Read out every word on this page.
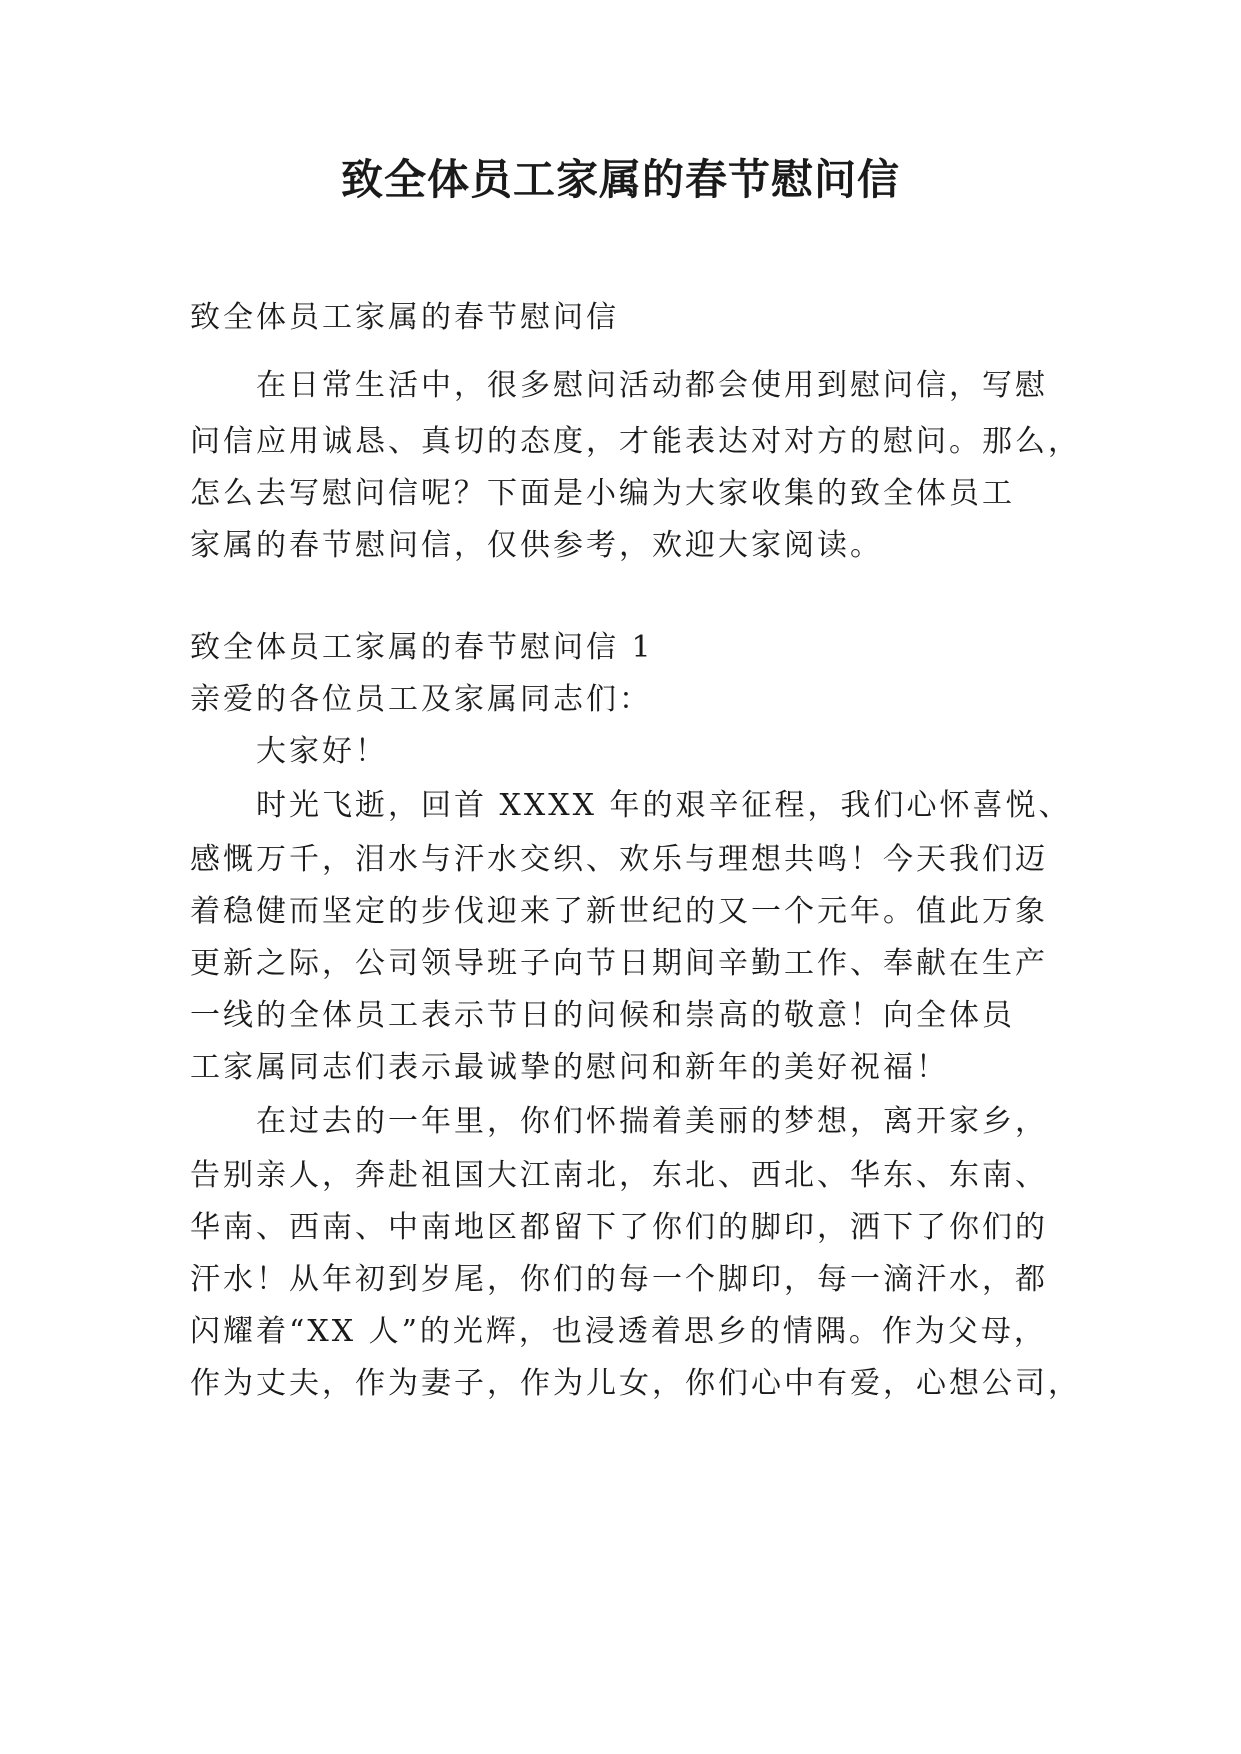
致全体员工家属的春节慰问信
致全体员工家属的春节慰问信
在日常生活中，很多慰问活动都会使用到慰问信，写慰
问信应用诚恳、真切的态度，才能表达对对方的慰问。那么，
怎么去写慰问信呢？下面是小编为大家收集的致全体员工
家属的春节慰问信，仅供参考，欢迎大家阅读。
致全体员工家属的春节慰问信 1
亲爱的各位员工及家属同志们：
大家好！
时光飞逝，回首 XXXX 年的艰辛征程，我们心怀喜悦、
感慨万千，泪水与汗水交织、欢乐与理想共鸣！今天我们迈
着稳健而坚定的步伐迎来了新世纪的又一个元年。值此万象
更新之际，公司领导班子向节日期间辛勤工作、奉献在生产
一线的全体员工表示节日的问候和崇高的敬意！向全体员
工家属同志们表示最诚挚的慰问和新年的美好祝福！
在过去的一年里，你们怀揣着美丽的梦想，离开家乡，
告别亲人，奔赴祖国大江南北，东北、西北、华东、东南、
华南、西南、中南地区都留下了你们的脚印，洒下了你们的
汗水！从年初到岁尾，你们的每一个脚印，每一滴汗水，都
闪耀着“XX 人”的光辉，也浸透着思乡的情隅。作为父母，
作为丈夫，作为妻子，作为儿女，你们心中有爱，心想公司，
